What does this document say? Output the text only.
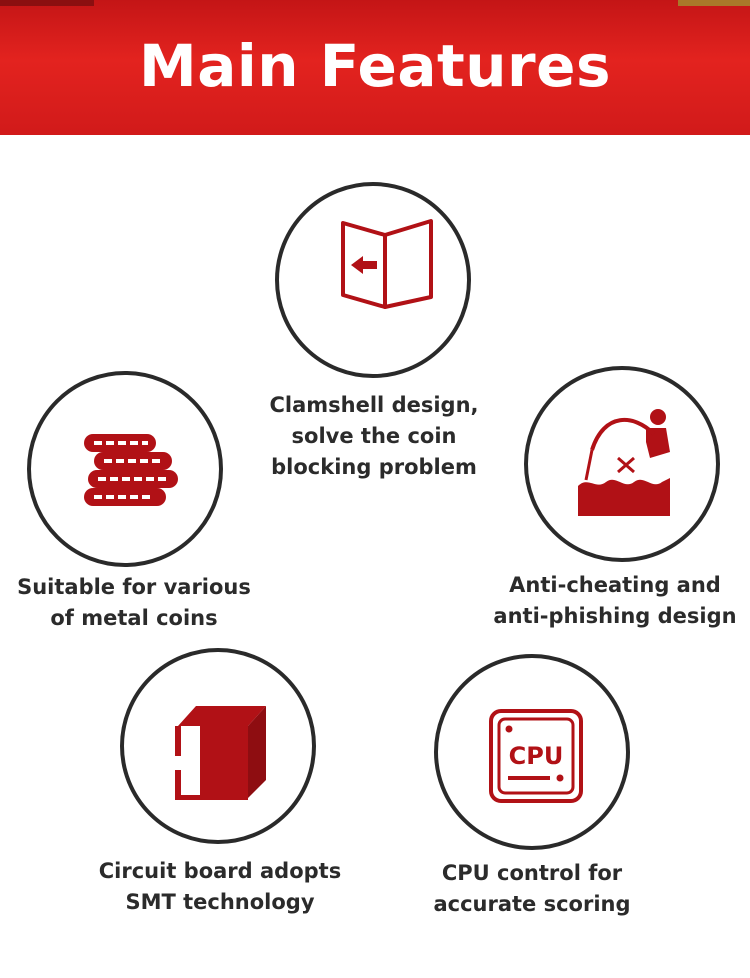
Main Features
Clamshell design,
solve the coin
blocking problem
Anti-cheating and
anti-phishing design
Suitable for various
of metal coins
Circuit board adopts
SMT technology
CPU
CPU control for
accurate scoring
